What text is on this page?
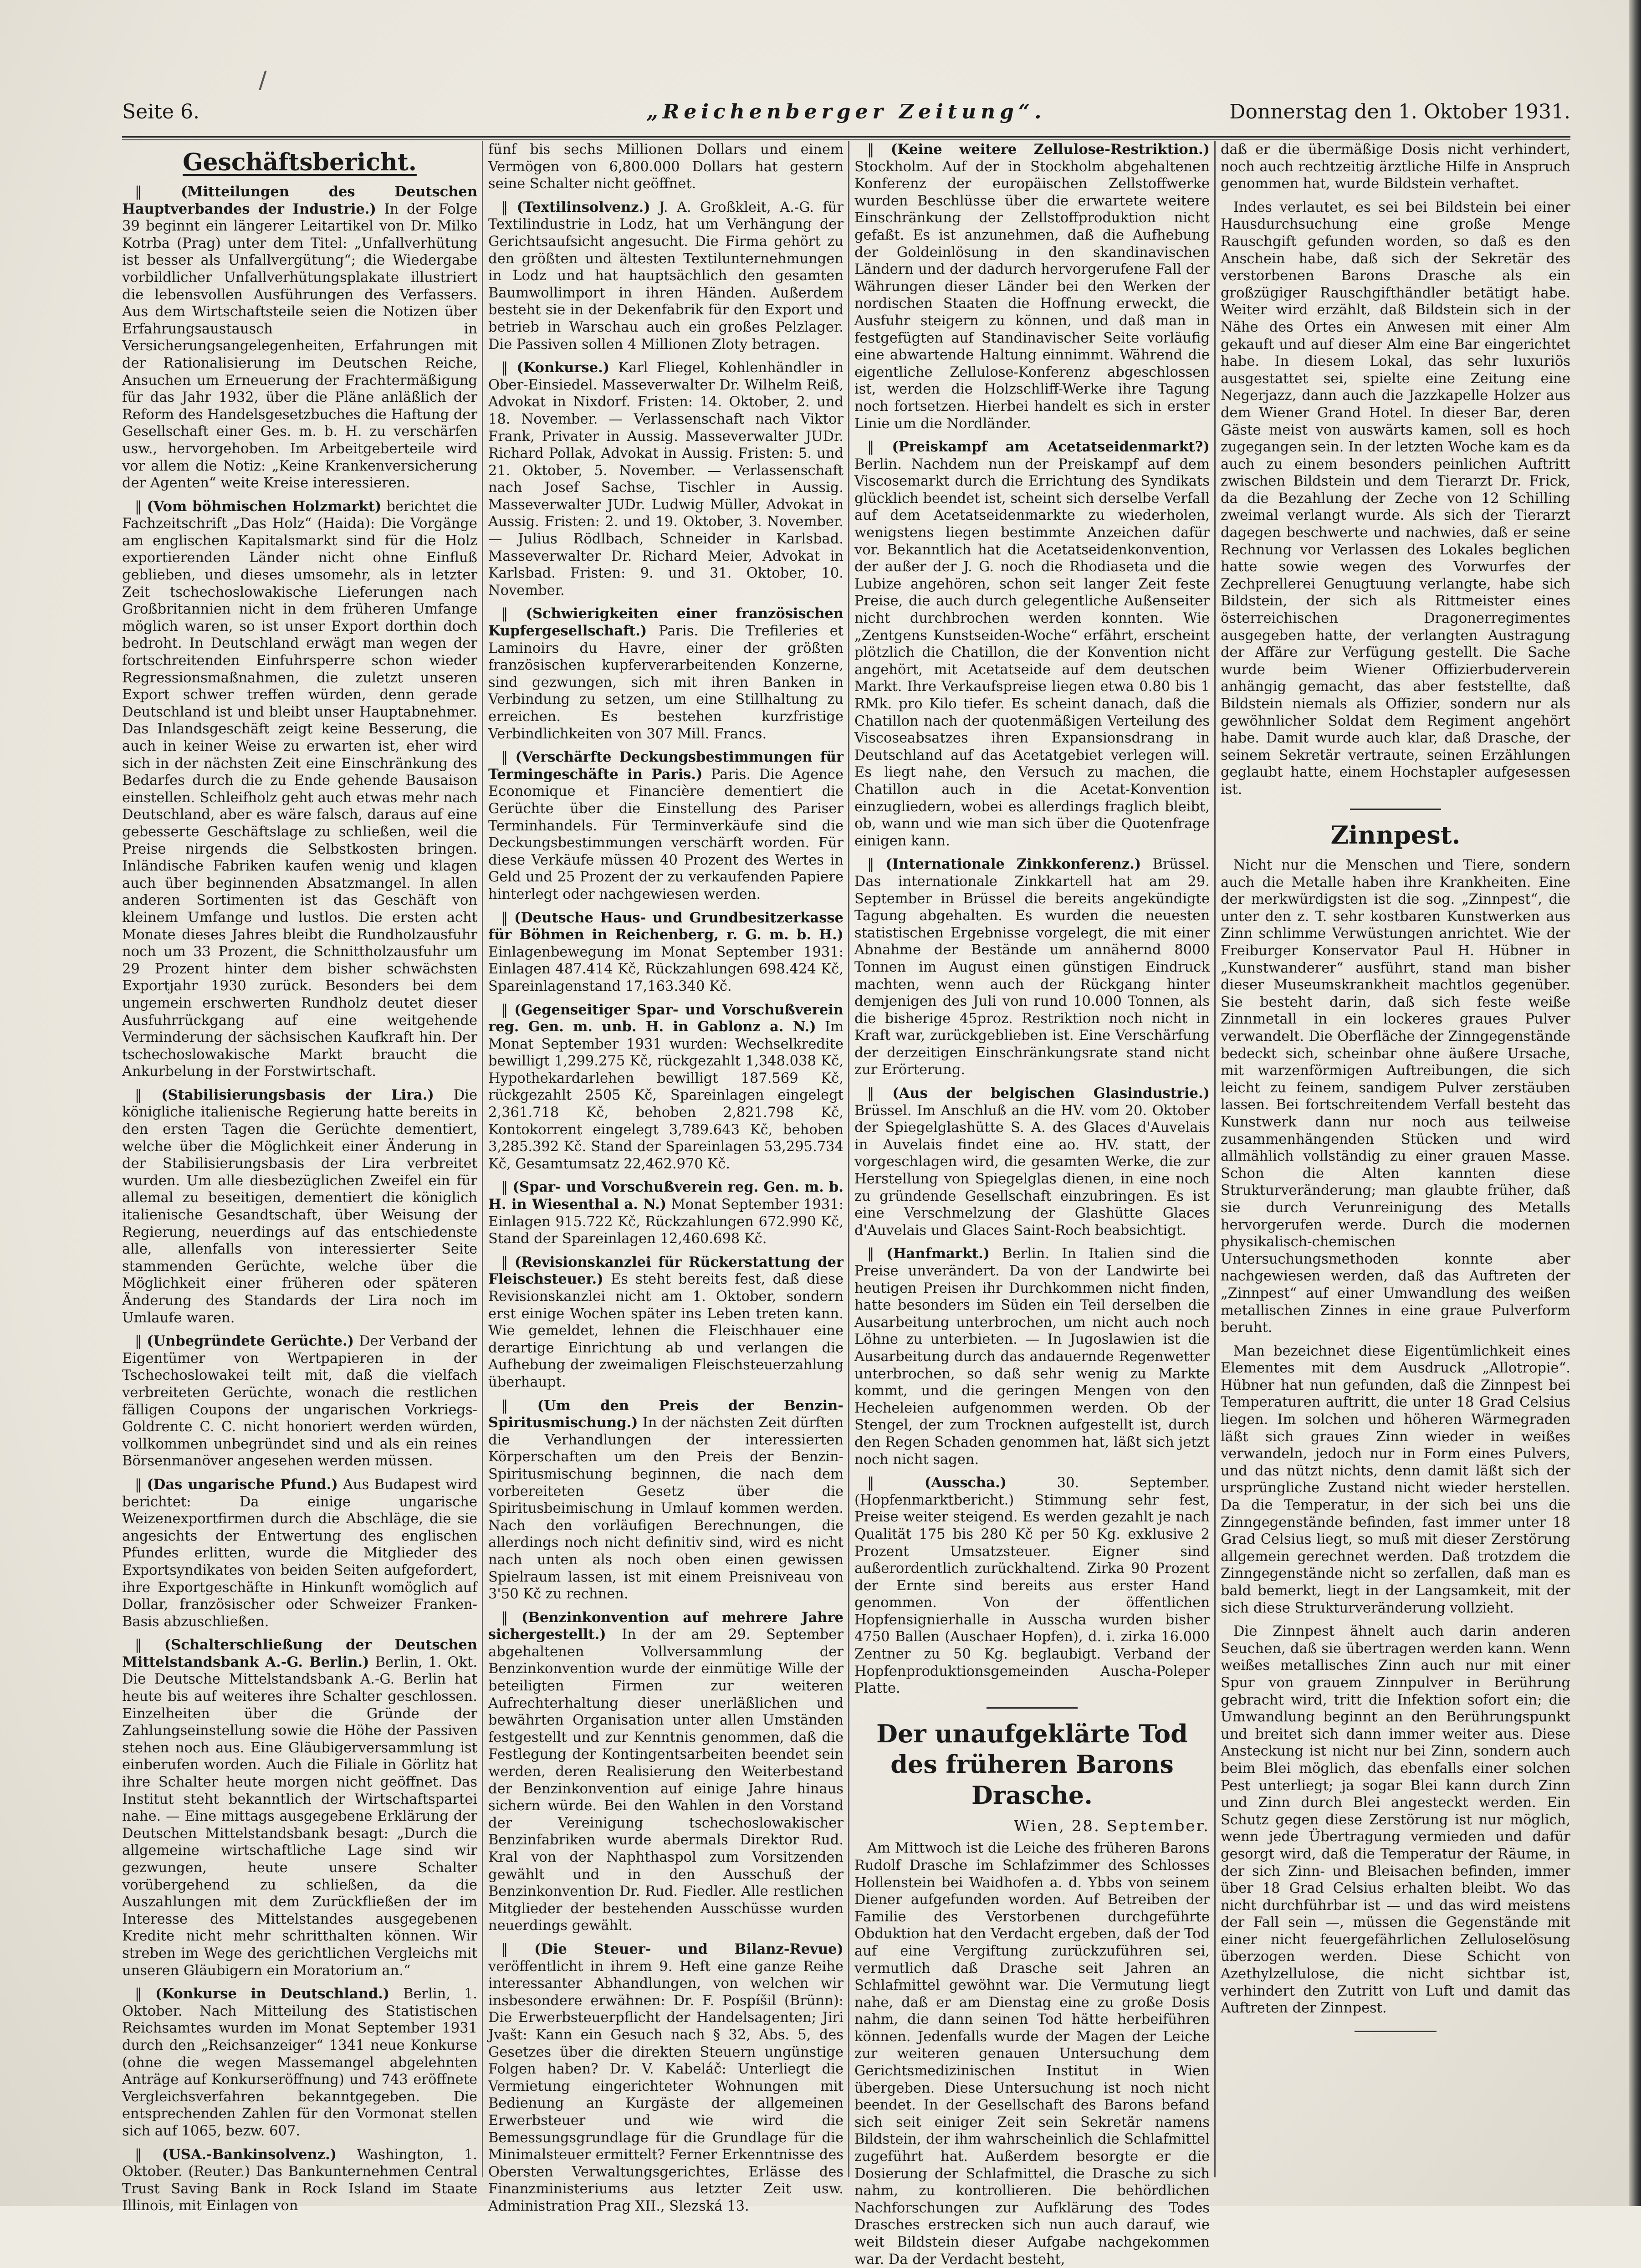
/
Seite 6.	„Reichenberger Zeitung“.	Donnerstag den 1. Oktober 1931.
Geschäftsbericht.

‖ (Mitteilungen des Deutschen Hauptverbandes der Industrie.) In der Folge 39 beginnt ein längerer Leitartikel von Dr. Milko Kotrba (Prag) unter dem Titel: „Unfallverhütung ist besser als Unfallvergütung“; die Wiedergabe vorbildlicher Unfallverhütungsplakate illustriert die lebensvollen Ausführungen des Verfassers. Aus dem Wirtschaftsteile seien die Notizen über Erfahrungsaustausch in Versicherungsangelegenheiten, Erfahrungen mit der Rationalisierung im Deutschen Reiche, Ansuchen um Erneuerung der Frachtermäßigung für das Jahr 1932, über die Pläne anläßlich der Reform des Handelsgesetzbuches die Haftung der Gesellschaft einer Ges. m. b. H. zu verschärfen usw., hervorgehoben. Im Arbeitgeberteile wird vor allem die Notiz: „Keine Krankenversicherung der Agenten“ weite Kreise interessieren.

‖ (Vom böhmischen Holzmarkt) berichtet die Fachzeitschrift „Das Holz“ (Haida): Die Vorgänge am englischen Kapitalsmarkt sind für die Holz exportierenden Länder nicht ohne Einfluß geblieben, und dieses umsomehr, als in letzter Zeit tschechoslowakische Lieferungen nach Großbritannien nicht in dem früheren Umfange möglich waren, so ist unser Export dorthin doch bedroht. In Deutschland erwägt man wegen der fortschreitenden Einfuhrsperre schon wieder Regressionsmaßnahmen, die zuletzt unseren Export schwer treffen würden, denn gerade Deutschland ist und bleibt unser Hauptabnehmer. Das Inlandsgeschäft zeigt keine Besserung, die auch in keiner Weise zu erwarten ist, eher wird sich in der nächsten Zeit eine Einschränkung des Bedarfes durch die zu Ende gehende Bausaison einstellen. Schleifholz geht auch etwas mehr nach Deutschland, aber es wäre falsch, daraus auf eine gebesserte Geschäftslage zu schließen, weil die Preise nirgends die Selbstkosten bringen. Inländische Fabriken kaufen wenig und klagen auch über beginnenden Absatzmangel. In allen anderen Sortimenten ist das Geschäft von kleinem Umfange und lustlos. Die ersten acht Monate dieses Jahres bleibt die Rundholzausfuhr noch um 33 Prozent, die Schnittholzausfuhr um 29 Prozent hinter dem bisher schwächsten Exportjahr 1930 zurück. Besonders bei dem ungemein erschwerten Rundholz deutet dieser Ausfuhrrückgang auf eine weitgehende Verminderung der sächsischen Kaufkraft hin. Der tschechoslowakische Markt braucht die Ankurbelung in der Forstwirtschaft.

‖ (Stabilisierungsbasis der Lira.) Die königliche italienische Regierung hatte bereits in den ersten Tagen die Gerüchte dementiert, welche über die Möglichkeit einer Änderung in der Stabilisierungsbasis der Lira verbreitet wurden. Um alle diesbezüglichen Zweifel ein für allemal zu beseitigen, dementiert die königlich italienische Gesandtschaft, über Weisung der Regierung, neuerdings auf das entschiedenste alle, allenfalls von interessierter Seite stammenden Gerüchte, welche über die Möglichkeit einer früheren oder späteren Änderung des Standards der Lira noch im Umlaufe waren.

‖ (Unbegründete Gerüchte.) Der Verband der Eigentümer von Wertpapieren in der Tschechoslowakei teilt mit, daß die vielfach verbreiteten Gerüchte, wonach die restlichen fälligen Coupons der ungarischen Vorkriegs-Goldrente C. C. nicht honoriert werden würden, vollkommen unbegründet sind und als ein reines Börsenmanöver angesehen werden müssen.

‖ (Das ungarische Pfund.) Aus Budapest wird berichtet: Da einige ungarische Weizenexportfirmen durch die Abschläge, die sie angesichts der Entwertung des englischen Pfundes erlitten, wurde die Mitglieder des Exportsyndikates von beiden Seiten aufgefordert, ihre Exportgeschäfte in Hinkunft womöglich auf Dollar, französischer oder Schweizer Franken-Basis abzuschließen.

‖ (Schalterschließung der Deutschen Mittelstandsbank A.-G. Berlin.) Berlin, 1. Okt. Die Deutsche Mittelstandsbank A.-G. Berlin hat heute bis auf weiteres ihre Schalter geschlossen. Einzelheiten über die Gründe der Zahlungseinstellung sowie die Höhe der Passiven stehen noch aus. Eine Gläubigerversammlung ist einberufen worden. Auch die Filiale in Görlitz hat ihre Schalter heute morgen nicht geöffnet. Das Institut steht bekanntlich der Wirtschaftspartei nahe. — Eine mittags ausgegebene Erklärung der Deutschen Mittelstandsbank besagt: „Durch die allgemeine wirtschaftliche Lage sind wir gezwungen, heute unsere Schalter vorübergehend zu schließen, da die Auszahlungen mit dem Zurückfließen der im Interesse des Mittelstandes ausgegebenen Kredite nicht mehr schritthalten können. Wir streben im Wege des gerichtlichen Vergleichs mit unseren Gläubigern ein Moratorium an.“

‖ (Konkurse in Deutschland.) Berlin, 1. Oktober. Nach Mitteilung des Statistischen Reichsamtes wurden im Monat September 1931 durch den „Reichsanzeiger“ 1341 neue Konkurse (ohne die wegen Massemangel abgelehnten Anträge auf Konkurseröffnung) und 743 eröffnete Vergleichsverfahren bekanntgegeben. Die entsprechenden Zahlen für den Vormonat stellen sich auf 1065, bezw. 607.

‖ (USA.-Bankinsolvenz.) Washington, 1. Oktober. (Reuter.) Das Bankunternehmen Central Trust Saving Bank in Rock Island im Staate Illinois, mit Einlagen von

fünf bis sechs Millionen Dollars und einem Vermögen von 6,800.000 Dollars hat gestern seine Schalter nicht geöffnet.

‖ (Textilinsolvenz.) J. A. Großkleit, A.-G. für Textilindustrie in Lodz, hat um Verhängung der Gerichtsaufsicht angesucht. Die Firma gehört zu den größten und ältesten Textilunternehmungen in Lodz und hat hauptsächlich den gesamten Baumwollimport in ihren Händen. Außerdem besteht sie in der Dekenfabrik für den Export und betrieb in Warschau auch ein großes Pelzlager. Die Passiven sollen 4 Millionen Zloty betragen.

‖ (Konkurse.) Karl Fliegel, Kohlenhändler in Ober-Einsiedel. Masseverwalter Dr. Wilhelm Reiß, Advokat in Nixdorf. Fristen: 14. Oktober, 2. und 18. November. — Verlassenschaft nach Viktor Frank, Privater in Aussig. Masseverwalter JUDr. Richard Pollak, Advokat in Aussig. Fristen: 5. und 21. Oktober, 5. November. — Verlassenschaft nach Josef Sachse, Tischler in Aussig. Masseverwalter JUDr. Ludwig Müller, Advokat in Aussig. Fristen: 2. und 19. Oktober, 3. November. — Julius Rödlbach, Schneider in Karlsbad. Masseverwalter Dr. Richard Meier, Advokat in Karlsbad. Fristen: 9. und 31. Oktober, 10. November.

‖ (Schwierigkeiten einer französischen Kupfergesellschaft.) Paris. Die Trefileries et Laminoirs du Havre, einer der größten französischen kupferverarbeitenden Konzerne, sind gezwungen, sich mit ihren Banken in Verbindung zu setzen, um eine Stillhaltung zu erreichen. Es bestehen kurzfristige Verbindlichkeiten von 307 Mill. Francs.

‖ (Verschärfte Deckungsbestimmungen für Termingeschäfte in Paris.) Paris. Die Agence Economique et Financière dementiert die Gerüchte über die Einstellung des Pariser Terminhandels. Für Terminverkäufe sind die Deckungsbestimmungen verschärft worden. Für diese Verkäufe müssen 40 Prozent des Wertes in Geld und 25 Prozent der zu verkaufenden Papiere hinterlegt oder nachgewiesen werden.

‖ (Deutsche Haus- und Grundbesitzerkasse für Böhmen in Reichenberg, r. G. m. b. H.) Einlagenbewegung im Monat September 1931: Einlagen 487.414 Kč, Rückzahlungen 698.424 Kč, Spareinlagenstand 17,163.340 Kč.

‖ (Gegenseitiger Spar- und Vorschußverein reg. Gen. m. unb. H. in Gablonz a. N.) Im Monat September 1931 wurden: Wechselkredite bewilligt 1,299.275 Kč, rückgezahlt 1,348.038 Kč, Hypothekardarlehen bewilligt 187.569 Kč, rückgezahlt 2505 Kč, Spareinlagen eingelegt 2,361.718 Kč, behoben 2,821.798 Kč, Kontokorrent eingelegt 3,789.643 Kč, behoben 3,285.392 Kč. Stand der Spareinlagen 53,295.734 Kč, Gesamtumsatz 22,462.970 Kč.

‖ (Spar- und Vorschußverein reg. Gen. m. b. H. in Wiesenthal a. N.) Monat September 1931: Einlagen 915.722 Kč, Rückzahlungen 672.990 Kč, Stand der Spareinlagen 12,460.698 Kč.

‖ (Revisionskanzlei für Rückerstattung der Fleischsteuer.) Es steht bereits fest, daß diese Revisionskanzlei nicht am 1. Oktober, sondern erst einige Wochen später ins Leben treten kann. Wie gemeldet, lehnen die Fleischhauer eine derartige Einrichtung ab und verlangen die Aufhebung der zweimaligen Fleischsteuerzahlung überhaupt.

‖ (Um den Preis der Benzin-Spiritusmischung.) In der nächsten Zeit dürften die Verhandlungen der interessierten Körperschaften um den Preis der Benzin-Spiritusmischung beginnen, die nach dem vorbereiteten Gesetz über die Spiritusbeimischung in Umlauf kommen werden. Nach den vorläufigen Berechnungen, die allerdings noch nicht definitiv sind, wird es nicht nach unten als noch oben einen gewissen Spielraum lassen, ist mit einem Preisniveau von 3'50 Kč zu rechnen.

‖ (Benzinkonvention auf mehrere Jahre sichergestellt.) In der am 29. September abgehaltenen Vollversammlung der Benzinkonvention wurde der einmütige Wille der beteiligten Firmen zur weiteren Aufrechterhaltung dieser unerläßlichen und bewährten Organisation unter allen Umständen festgestellt und zur Kenntnis genommen, daß die Festlegung der Kontingentsarbeiten beendet sein werden, deren Realisierung den Weiterbestand der Benzinkonvention auf einige Jahre hinaus sichern würde. Bei den Wahlen in den Vorstand der Vereinigung tschechoslowakischer Benzinfabriken wurde abermals Direktor Rud. Kral von der Naphthaspol zum Vorsitzenden gewählt und in den Ausschuß der Benzinkonvention Dr. Rud. Fiedler. Alle restlichen Mitglieder der bestehenden Ausschüsse wurden neuerdings gewählt.

‖ (Die Steuer- und Bilanz-Revue) veröffentlicht in ihrem 9. Heft eine ganze Reihe interessanter Abhandlungen, von welchen wir insbesondere erwähnen: Dr. F. Pospíšil (Brünn): Die Erwerbsteuerpflicht der Handelsagenten; Jiri Jvašt: Kann ein Gesuch nach § 32, Abs. 5, des Gesetzes über die direkten Steuern ungünstige Folgen haben? Dr. V. Kabeláč: Unterliegt die Vermietung eingerichteter Wohnungen mit Bedienung an Kurgäste der allgemeinen Erwerbsteuer und wie wird die Bemessungsgrundlage für die Grundlage für die Minimalsteuer ermittelt? Ferner Erkenntnisse des Obersten Verwaltungsgerichtes, Erlässe des Finanzministeriums aus letzter Zeit usw. Administration Prag XII., Slezská 13.

‖ (Keine weitere Zellulose-Restriktion.) Stockholm. Auf der in Stockholm abgehaltenen Konferenz der europäischen Zellstoffwerke wurden Beschlüsse über die erwartete weitere Einschränkung der Zellstoffproduktion nicht gefaßt. Es ist anzunehmen, daß die Aufhebung der Goldeinlösung in den skandinavischen Ländern und der dadurch hervorgerufene Fall der Währungen dieser Länder bei den Werken der nordischen Staaten die Hoffnung erweckt, die Ausfuhr steigern zu können, und daß man in festgefügten auf Standinavischer Seite vorläufig eine abwartende Haltung einnimmt. Während die eigentliche Zellulose-Konferenz abgeschlossen ist, werden die Holzschliff-Werke ihre Tagung noch fortsetzen. Hierbei handelt es sich in erster Linie um die Nordländer.

‖ (Preiskampf am Acetatseidenmarkt?) Berlin. Nachdem nun der Preiskampf auf dem Viscosemarkt durch die Errichtung des Syndikats glücklich beendet ist, scheint sich derselbe Verfall auf dem Acetatseidenmarkte zu wiederholen, wenigstens liegen bestimmte Anzeichen dafür vor. Bekanntlich hat die Acetatseidenkonvention, der außer der J. G. noch die Rhodiaseta und die Lubize angehören, schon seit langer Zeit feste Preise, die auch durch gelegentliche Außenseiter nicht durchbrochen werden konnten. Wie „Zentgens Kunstseiden-Woche“ erfährt, erscheint plötzlich die Chatillon, die der Konvention nicht angehört, mit Acetatseide auf dem deutschen Markt. Ihre Verkaufspreise liegen etwa 0.80 bis 1 RMk. pro Kilo tiefer. Es scheint danach, daß die Chatillon nach der quotenmäßigen Verteilung des Viscoseabsatzes ihren Expansionsdrang in Deutschland auf das Acetatgebiet verlegen will. Es liegt nahe, den Versuch zu machen, die Chatillon auch in die Acetat-Konvention einzugliedern, wobei es allerdings fraglich bleibt, ob, wann und wie man sich über die Quotenfrage einigen kann.

‖ (Internationale Zinkkonferenz.) Brüssel. Das internationale Zinkkartell hat am 29. September in Brüssel die bereits angekündigte Tagung abgehalten. Es wurden die neuesten statistischen Ergebnisse vorgelegt, die mit einer Abnahme der Bestände um annähernd 8000 Tonnen im August einen günstigen Eindruck machten, wenn auch der Rückgang hinter demjenigen des Juli von rund 10.000 Tonnen, als die bisherige 45proz. Restriktion noch nicht in Kraft war, zurückgeblieben ist. Eine Verschärfung der derzeitigen Einschränkungsrate stand nicht zur Erörterung.

‖ (Aus der belgischen Glasindustrie.) Brüssel. Im Anschluß an die HV. vom 20. Oktober der Spiegelglashütte S. A. des Glaces d'Auvelais in Auvelais findet eine ao. HV. statt, der vorgeschlagen wird, die gesamten Werke, die zur Herstellung von Spiegelglas dienen, in eine noch zu gründende Gesellschaft einzubringen. Es ist eine Verschmelzung der Glashütte Glaces d'Auvelais und Glaces Saint-Roch beabsichtigt.

‖ (Hanfmarkt.) Berlin. In Italien sind die Preise unverändert. Da von der Landwirte bei heutigen Preisen ihr Durchkommen nicht finden, hatte besonders im Süden ein Teil derselben die Ausarbeitung unterbrochen, um nicht auch noch Löhne zu unterbieten. — In Jugoslawien ist die Ausarbeitung durch das andauernde Regenwetter unterbrochen, so daß sehr wenig zu Markte kommt, und die geringen Mengen von den Hecheleien aufgenommen werden. Ob der Stengel, der zum Trocknen aufgestellt ist, durch den Regen Schaden genommen hat, läßt sich jetzt noch nicht sagen.

‖ (Ausscha.)	30. September. (Hopfenmarktbericht.) Stimmung sehr fest, Preise weiter steigend. Es werden gezahlt je nach Qualität 175 bis 280 Kč per 50 Kg. exklusive 2 Prozent Umsatzsteuer. Eigner sind außerordentlich zurückhaltend. Zirka 90 Prozent der Ernte sind bereits aus erster Hand genommen. Von der öffentlichen Hopfensignierhalle in Ausscha wurden bisher 4750 Ballen (Auschaer Hopfen), d. i. zirka 16.000 Zentner zu 50 Kg. beglaubigt. Verband der Hopfenproduktionsgemeinden Auscha-Poleper Platte.

Der unaufgeklärte Tod des früheren Barons Drasche.
Wien, 28. September.

Am Mittwoch ist die Leiche des früheren Barons Rudolf Drasche im Schlafzimmer des Schlosses Hollenstein bei Waidhofen a. d. Ybbs von seinem Diener aufgefunden worden. Auf Betreiben der Familie des Verstorbenen durchgeführte Obduktion hat den Verdacht ergeben, daß der Tod auf eine Vergiftung zurückzuführen sei, vermutlich daß Drasche seit Jahren an Schlafmittel gewöhnt war. Die Vermutung liegt nahe, daß er am Dienstag eine zu große Dosis nahm, die dann seinen Tod hätte herbeiführen können. Jedenfalls wurde der Magen der Leiche zur weiteren genauen Untersuchung dem Gerichtsmedizinischen Institut in Wien übergeben. Diese Untersuchung ist noch nicht beendet. In der Gesellschaft des Barons befand sich seit einiger Zeit sein Sekretär namens Bildstein, der ihm wahrscheinlich die Schlafmittel zugeführt hat. Außerdem besorgte er die Dosierung der Schlafmittel, die Drasche zu sich nahm, zu kontrollieren. Die behördlichen Nachforschungen zur Aufklärung des Todes Drasches erstrecken sich nun auch darauf, wie weit Bildstein dieser Aufgabe nachgekommen war. Da der Verdacht besteht,

daß er die übermäßige Dosis nicht verhindert, noch auch rechtzeitig ärztliche Hilfe in Anspruch genommen hat, wurde Bildstein verhaftet.

Indes verlautet, es sei bei Bildstein bei einer Hausdurchsuchung eine große Menge Rauschgift gefunden worden, so daß es den Anschein habe, daß sich der Sekretär des verstorbenen Barons Drasche als ein großzügiger Rauschgifthändler betätigt habe. Weiter wird erzählt, daß Bildstein sich in der Nähe des Ortes ein Anwesen mit einer Alm gekauft und auf dieser Alm eine Bar eingerichtet habe. In diesem Lokal, das sehr luxuriös ausgestattet sei, spielte eine Zeitung eine Negerjazz, dann auch die Jazzkapelle Holzer aus dem Wiener Grand Hotel. In dieser Bar, deren Gäste meist von auswärts kamen, soll es hoch zugegangen sein. In der letzten Woche kam es da auch zu einem besonders peinlichen Auftritt zwischen Bildstein und dem Tierarzt Dr. Frick, da die Bezahlung der Zeche von 12 Schilling zweimal verlangt wurde. Als sich der Tierarzt dagegen beschwerte und nachwies, daß er seine Rechnung vor Verlassen des Lokales beglichen hatte sowie wegen des Vorwurfes der Zechprellerei Genugtuung verlangte, habe sich Bildstein, der sich als Rittmeister eines österreichischen Dragonerregimentes ausgegeben hatte, der verlangten Austragung der Affäre zur Verfügung gestellt. Die Sache wurde beim Wiener Offizierbuderverein anhängig gemacht, das aber feststellte, daß Bildstein niemals als Offizier, sondern nur als gewöhnlicher Soldat dem Regiment angehört habe. Damit wurde auch klar, daß Drasche, der seinem Sekretär vertraute, seinen Erzählungen geglaubt hatte, einem Hochstapler aufgesessen ist.

Zinnpest.

Nicht nur die Menschen und Tiere, sondern auch die Metalle haben ihre Krankheiten. Eine der merkwürdigsten ist die sog. „Zinnpest“, die unter den z. T. sehr kostbaren Kunstwerken aus Zinn schlimme Verwüstungen anrichtet. Wie der Freiburger Konservator Paul H. Hübner in „Kunstwanderer“ ausführt, stand man bisher dieser Museumskrankheit machtlos gegenüber. Sie besteht darin, daß sich feste weiße Zinnmetall in ein lockeres graues Pulver verwandelt. Die Oberfläche der Zinngegenstände bedeckt sich, scheinbar ohne äußere Ursache, mit warzenförmigen Auftreibungen, die sich leicht zu feinem, sandigem Pulver zerstäuben lassen. Bei fortschreitendem Verfall besteht das Kunstwerk dann nur noch aus teilweise zusammenhängenden Stücken und wird allmählich vollständig zu einer grauen Masse. Schon die Alten kannten diese Strukturveränderung; man glaubte früher, daß sie durch Verunreinigung des Metalls hervorgerufen werde. Durch die modernen physikalisch-chemischen Untersuchungsmethoden konnte aber nachgewiesen werden, daß das Auftreten der „Zinnpest“ auf einer Umwandlung des weißen metallischen Zinnes in eine graue Pulverform beruht.

Man bezeichnet diese Eigentümlichkeit eines Elementes mit dem Ausdruck „Allotropie“. Hübner hat nun gefunden, daß die Zinnpest bei Temperaturen auftritt, die unter 18 Grad Celsius liegen. Im solchen und höheren Wärmegraden läßt sich graues Zinn wieder in weißes verwandeln, jedoch nur in Form eines Pulvers, und das nützt nichts, denn damit läßt sich der ursprüngliche Zustand nicht wieder herstellen. Da die Temperatur, in der sich bei uns die Zinngegenstände befinden, fast immer unter 18 Grad Celsius liegt, so muß mit dieser Zerstörung allgemein gerechnet werden. Daß trotzdem die Zinngegenstände nicht so zerfallen, daß man es bald bemerkt, liegt in der Langsamkeit, mit der sich diese Strukturveränderung vollzieht.

Die Zinnpest ähnelt auch darin anderen Seuchen, daß sie übertragen werden kann. Wenn weißes metallisches Zinn auch nur mit einer Spur von grauem Zinnpulver in Berührung gebracht wird, tritt die Infektion sofort ein; die Umwandlung beginnt an den Berührungspunkt und breitet sich dann immer weiter aus. Diese Ansteckung ist nicht nur bei Zinn, sondern auch beim Blei möglich, das ebenfalls einer solchen Pest unterliegt; ja sogar Blei kann durch Zinn und Zinn durch Blei angesteckt werden. Ein Schutz gegen diese Zerstörung ist nur möglich, wenn jede Übertragung vermieden und dafür gesorgt wird, daß die Temperatur der Räume, in der sich Zinn- und Bleisachen befinden, immer über 18 Grad Celsius erhalten bleibt. Wo das nicht durchführbar ist — und das wird meistens der Fall sein —, müssen die Gegenstände mit einer nicht feuergefährlichen Zelluloselösung überzogen werden. Diese Schicht von Azethylzellulose, die nicht sichtbar ist, verhindert den Zutritt von Luft und damit das Auftreten der Zinnpest.
